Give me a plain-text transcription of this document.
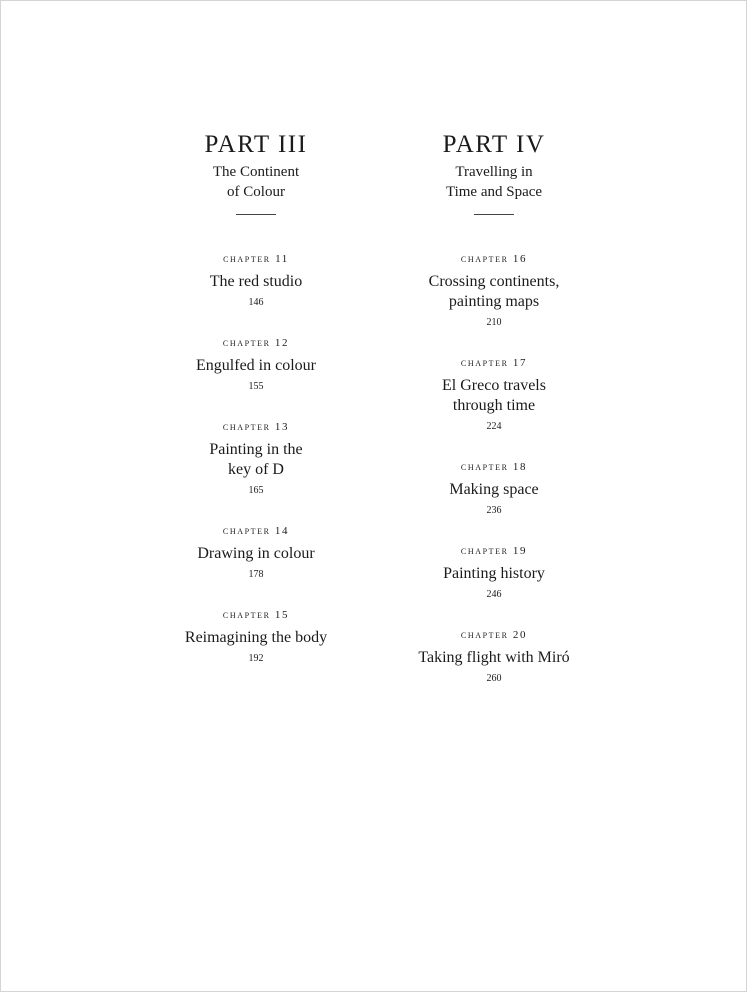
PART III
The Continent
of Colour
chapter 11
The red studio
146
chapter 12
Engulfed in colour
155
chapter 13
Painting in the
key of D
165
chapter 14
Drawing in colour
178
chapter 15
Reimagining the body
192
PART IV
Travelling in
Time and Space
chapter 16
Crossing continents,
painting maps
210
chapter 17
El Greco travels
through time
224
chapter 18
Making space
236
chapter 19
Painting history
246
chapter 20
Taking flight with Miró
260
